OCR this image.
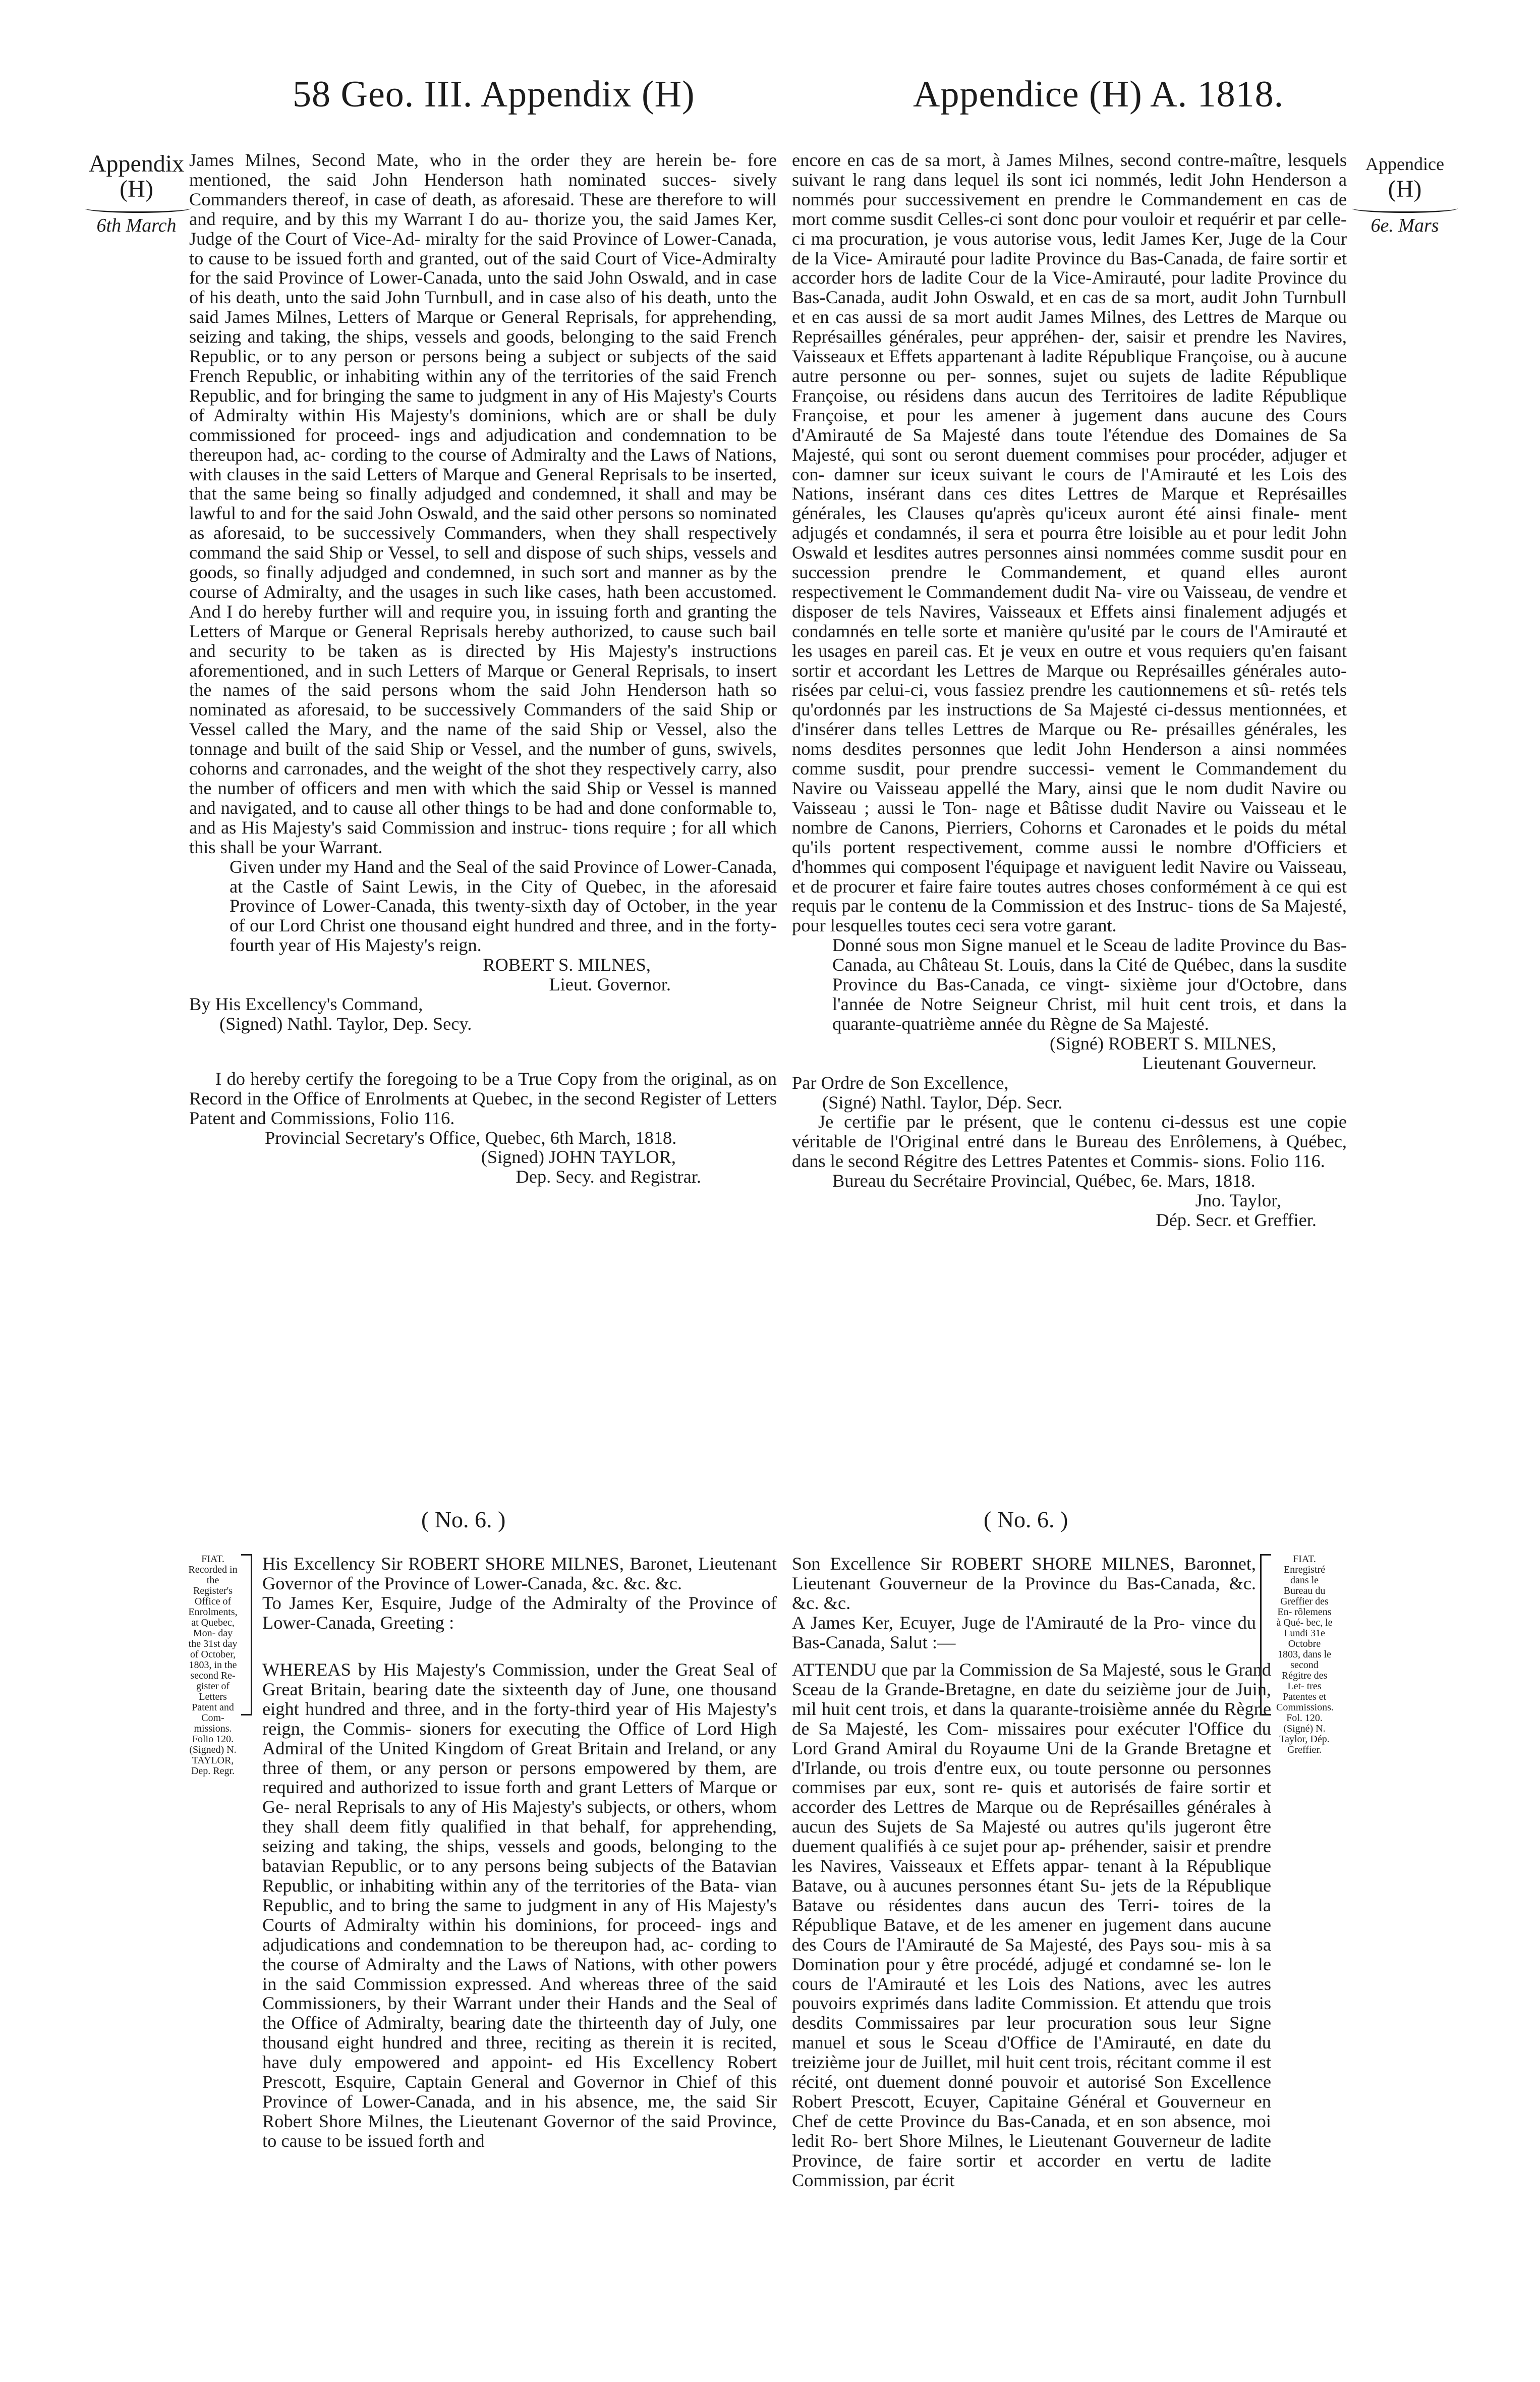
58 Geo. III. Appendix (H)	Appendice (H) A. 1818.
Appendix
(H)
6th March
Appendice
(H)
6e. Mars

James Milnes, Second Mate, who in the order they are herein be- fore mentioned, the said John Henderson hath nominated succes- sively Commanders thereof, in case of death, as aforesaid. These are therefore to will and require, and by this my Warrant I do au- thorize you, the said James Ker, Judge of the Court of Vice-Ad- miralty for the said Province of Lower-Canada, to cause to be issued forth and granted, out of the said Court of Vice-Admiralty for the said Province of Lower-Canada, unto the said John Oswald, and in case of his death, unto the said John Turnbull, and in case also of his death, unto the said James Milnes, Letters of Marque or General Reprisals, for apprehending, seizing and taking, the ships, vessels and goods, belonging to the said French Republic, or to any person or persons being a subject or subjects of the said French Republic, or inhabiting within any of the territories of the said French Republic, and for bringing the same to judgment in any of His Majesty's Courts of Admiralty within His Majesty's dominions, which are or shall be duly commissioned for proceed- ings and adjudication and condemnation to be thereupon had, ac- cording to the course of Admiralty and the Laws of Nations, with clauses in the said Letters of Marque and General Reprisals to be inserted, that the same being so finally adjudged and condemned, it shall and may be lawful to and for the said John Oswald, and the said other persons so nominated as aforesaid, to be successively Commanders, when they shall respectively command the said Ship or Vessel, to sell and dispose of such ships, vessels and goods, so finally adjudged and condemned, in such sort and manner as by the course of Admiralty, and the usages in such like cases, hath been accustomed. And I do hereby further will and require you, in issuing forth and granting the Letters of Marque or General Reprisals hereby authorized, to cause such bail and security to be taken as is directed by His Majesty's instructions aforementioned, and in such Letters of Marque or General Reprisals, to insert the names of the said persons whom the said John Henderson hath so nominated as aforesaid, to be successively Commanders of the said Ship or Vessel called the Mary, and the name of the said Ship or Vessel, also the tonnage and built of the said Ship or Vessel, and the number of guns, swivels, cohorns and carronades, and the weight of the shot they respectively carry, also the number of officers and men with which the said Ship or Vessel is manned and navigated, and to cause all other things to be had and done conformable to, and as His Majesty's said Commission and instruc- tions require ; for all which this shall be your Warrant.

Given under my Hand and the Seal of the said Province of Lower-Canada, at the Castle of Saint Lewis, in the City of Quebec, in the aforesaid Province of Lower-Canada, this twenty-sixth day of October, in the year of our Lord Christ one thousand eight hundred and three, and in the forty-fourth year of His Majesty's reign.

ROBERT S. MILNES,

Lieut. Governor.

By His Excellency's Command,

(Signed) Nathl. Taylor, Dep. Secy.

I do hereby certify the foregoing to be a True Copy from the original, as on Record in the Office of Enrolments at Quebec, in the second Register of Letters Patent and Commissions, Folio 116.

Provincial Secretary's Office, Quebec, 6th March, 1818.

(Signed) JOHN TAYLOR,

Dep. Secy. and Registrar.

encore en cas de sa mort, à James Milnes, second contre-maître, lesquels suivant le rang dans lequel ils sont ici nommés, ledit John Henderson a nommés pour successivement en prendre le Commandement en cas de mort comme susdit Celles-ci sont donc pour vouloir et requérir et par celle-ci ma procuration, je vous autorise vous, ledit James Ker, Juge de la Cour de la Vice- Amirauté pour ladite Province du Bas-Canada, de faire sortir et accorder hors de ladite Cour de la Vice-Amirauté, pour ladite Province du Bas-Canada, audit John Oswald, et en cas de sa mort, audit John Turnbull et en cas aussi de sa mort audit James Milnes, des Lettres de Marque ou Représailles générales, peur appréhen- der, saisir et prendre les Navires, Vaisseaux et Effets appartenant à ladite République Françoise, ou à aucune autre personne ou per- sonnes, sujet ou sujets de ladite République Françoise, ou résidens dans aucun des Territoires de ladite République Françoise, et pour les amener à jugement dans aucune des Cours d'Amirauté de Sa Majesté dans toute l'étendue des Domaines de Sa Majesté, qui sont ou seront duement commises pour procéder, adjuger et con- damner sur iceux suivant le cours de l'Amirauté et les Lois des Nations, insérant dans ces dites Lettres de Marque et Représailles générales, les Clauses qu'après qu'iceux auront été ainsi finale- ment adjugés et condamnés, il sera et pourra être loisible au et pour ledit John Oswald et lesdites autres personnes ainsi nommées comme susdit pour en succession prendre le Commandement, et quand elles auront respectivement le Commandement dudit Na- vire ou Vaisseau, de vendre et disposer de tels Navires, Vaisseaux et Effets ainsi finalement adjugés et condamnés en telle sorte et manière qu'usité par le cours de l'Amirauté et les usages en pareil cas. Et je veux en outre et vous requiers qu'en faisant sortir et accordant les Lettres de Marque ou Représailles générales auto- risées par celui-ci, vous fassiez prendre les cautionnemens et sû- retés tels qu'ordonnés par les instructions de Sa Majesté ci-dessus mentionnées, et d'insérer dans telles Lettres de Marque ou Re- présailles générales, les noms desdites personnes que ledit John Henderson a ainsi nommées comme susdit, pour prendre successi- vement le Commandement du Navire ou Vaisseau appellé the Mary, ainsi que le nom dudit Navire ou Vaisseau ; aussi le Ton- nage et Bâtisse dudit Navire ou Vaisseau et le nombre de Canons, Pierriers, Cohorns et Caronades et le poids du métal qu'ils portent respectivement, comme aussi le nombre d'Officiers et d'hommes qui composent l'équipage et naviguent ledit Navire ou Vaisseau, et de procurer et faire faire toutes autres choses conformément à ce qui est requis par le contenu de la Commission et des Instruc- tions de Sa Majesté, pour lesquelles toutes ceci sera votre garant.

Donné sous mon Signe manuel et le Sceau de ladite Province du Bas-Canada, au Château St. Louis, dans la Cité de Québec, dans la susdite Province du Bas-Canada, ce vingt- sixième jour d'Octobre, dans l'année de Notre Seigneur Christ, mil huit cent trois, et dans la quarante-quatrième année du Règne de Sa Majesté.

(Signé) ROBERT S. MILNES,

Lieutenant Gouverneur.

Par Ordre de Son Excellence,

(Signé) Nathl. Taylor, Dép. Secr.

Je certifie par le présent, que le contenu ci-dessus est une copie véritable de l'Original entré dans le Bureau des Enrôlemens, à Québec, dans le second Régitre des Lettres Patentes et Commis- sions. Folio 116.

Bureau du Secrétaire Provincial, Québec, 6e. Mars, 1818.

Jno. Taylor,

Dép. Secr. et Greffier.

( No. 6. )	( No. 6. )
FIAT. Recorded in the Register's Office of Enrolments, at Quebec, Mon- day the 31st day of October, 1803, in the second Re- gister of Letters Patent and Com- missions. Folio 120. (Signed) N. TAYLOR, Dep. Regr.
FIAT. Enregistré dans le Bureau du Greffier des En- rôlemens à Qué- bec, le Lundi 31e Octobre 1803, dans le second Régitre des Let- tres Patentes et Commissions. Fol. 120. (Signé) N. Taylor, Dép. Greffier.

His Excellency Sir ROBERT SHORE MILNES, Baronet, Lieutenant Governor of the Province of Lower-Canada, &c. &c. &c.

To James Ker, Esquire, Judge of the Admiralty of the Province of Lower-Canada, Greeting :

WHEREAS by His Majesty's Commission, under the Great Seal of Great Britain, bearing date the sixteenth day of June, one thousand eight hundred and three, and in the forty-third year of His Majesty's reign, the Commis- sioners for executing the Office of Lord High Admiral of the United Kingdom of Great Britain and Ireland, or any three of them, or any person or persons empowered by them, are required and authorized to issue forth and grant Letters of Marque or Ge- neral Reprisals to any of His Majesty's subjects, or others, whom they shall deem fitly qualified in that behalf, for apprehending, seizing and taking, the ships, vessels and goods, belonging to the batavian Republic, or to any persons being subjects of the Batavian Republic, or inhabiting within any of the territories of the Bata- vian Republic, and to bring the same to judgment in any of His Majesty's Courts of Admiralty within his dominions, for proceed- ings and adjudications and condemnation to be thereupon had, ac- cording to the course of Admiralty and the Laws of Nations, with other powers in the said Commission expressed. And whereas three of the said Commissioners, by their Warrant under their Hands and the Seal of the Office of Admiralty, bearing date the thirteenth day of July, one thousand eight hundred and three, reciting as therein it is recited, have duly empowered and appoint- ed His Excellency Robert Prescott, Esquire, Captain General and Governor in Chief of this Province of Lower-Canada, and in his absence, me, the said Sir Robert Shore Milnes, the Lieutenant Governor of the said Province, to cause to be issued forth and

Son Excellence Sir ROBERT SHORE MILNES, Baronnet, Lieutenant Gouverneur de la Province du Bas-Canada, &c. &c. &c.

A James Ker, Ecuyer, Juge de l'Amirauté de la Pro- vince du Bas-Canada, Salut :—

ATTENDU que par la Commission de Sa Majesté, sous le Grand Sceau de la Grande-Bretagne, en date du seizième jour de Juin, mil huit cent trois, et dans la quarante-troisième année du Règne de Sa Majesté, les Com- missaires pour exécuter l'Office du Lord Grand Amiral du Royaume Uni de la Grande Bretagne et d'Irlande, ou trois d'entre eux, ou toute personne ou personnes commises par eux, sont re- quis et autorisés de faire sortir et accorder des Lettres de Marque ou de Représailles générales à aucun des Sujets de Sa Majesté ou autres qu'ils jugeront être duement qualifiés à ce sujet pour ap- préhender, saisir et prendre les Navires, Vaisseaux et Effets appar- tenant à la République Batave, ou à aucunes personnes étant Su- jets de la République Batave ou résidentes dans aucun des Terri- toires de la République Batave, et de les amener en jugement dans aucune des Cours de l'Amirauté de Sa Majesté, des Pays sou- mis à sa Domination pour y être procédé, adjugé et condamné se- lon le cours de l'Amirauté et les Lois des Nations, avec les autres pouvoirs exprimés dans ladite Commission. Et attendu que trois desdits Commissaires par leur procuration sous leur Signe manuel et sous le Sceau d'Office de l'Amirauté, en date du treizième jour de Juillet, mil huit cent trois, récitant comme il est récité, ont duement donné pouvoir et autorisé Son Excellence Robert Prescott, Ecuyer, Capitaine Général et Gouverneur en Chef de cette Province du Bas-Canada, et en son absence, moi ledit Ro- bert Shore Milnes, le Lieutenant Gouverneur de ladite Province, de faire sortir et accorder en vertu de ladite Commission, par écrit
